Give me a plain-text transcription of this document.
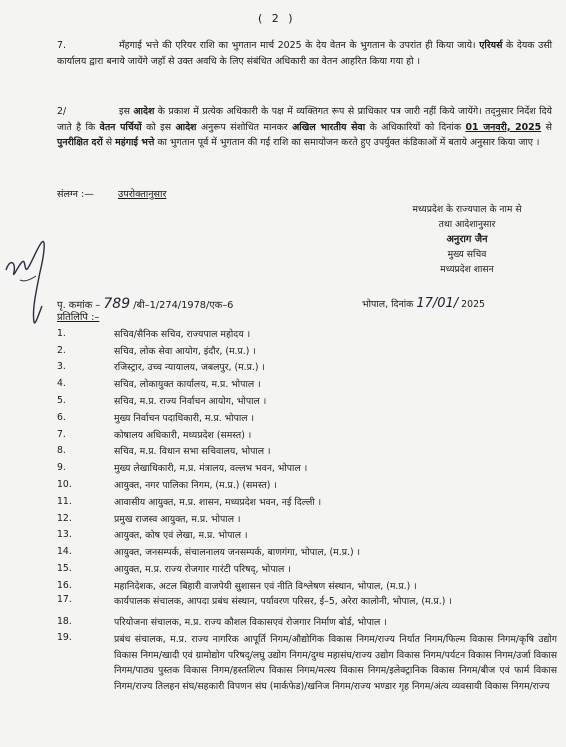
( 2 )
7.	मँहगाई भत्ते की एरियर राशि का भुगतान मार्च 2025 के देय वेतन के भुगतान के उपरांत ही किया जाये। एरियर्स के देयक उसी कार्यालय द्वारा बनाये जायेंगे जहाँ से उक्त अवधि के लिए संबंधित अधिकारी का वेतन आहरित किया गया हो ।
2/	इस आदेश के प्रकाश में प्रत्येक अधिकारी के पक्ष में व्यक्तिगत रूप से प्राधिकार पत्र जारी नहीं किये जायेंगे। तद्नुसार निर्देश दिये जाते है कि वेतन पर्चियों को इस आदेश अनुरूप संशोधित मानकर अखिल भारतीय सेवा के अधिकारियों को दिनांक 01 जनवरी, 2025 से पुनरीक्षित दरों से महंगाई भत्ते का भुगतान पूर्व में भुगतान की गई राशि का समायोजन करते हुए उपर्युक्त कंडिकाओं में बताये अनुसार किया जाए ।
संलग्न :—	उपरोक्तानुसार
मध्यप्रदेश के राज्यपाल के नाम से
तथा आदेशानुसार
अनुराग जैन
मुख्य सचिव
मध्यप्रदेश शासन
पृ. कमांक – 789 /बी–1/274/1978/एक–6	भोपाल, दिनांक 17/01/ 2025
प्रतिलिपि :–
1.	सचिव/सैनिक सचिव, राज्यपाल महोदय ।
2.	सचिव, लोक सेवा आयोग, इंदौर, (म.प्र.) ।
3.	रजिस्ट्रार, उच्च न्यायालय, जबलपुर, (म.प्र.) ।
4.	सचिव, लोकायुक्त कार्यालय, म.प्र. भोपाल ।
5.	सचिव, म.प्र. राज्य निर्वाचन आयोग, भोपाल ।
6.	मुख्य निर्वाचन पदाधिकारी, म.प्र. भोपाल ।
7.	कोषालय अधिकारी, मध्यप्रदेश (समस्त) ।
8.	सचिव, म.प्र. विधान सभा सचिवालय, भोपाल ।
9.	मुख्य लेखाधिकारी, म.प्र. मंत्रालय, वल्लभ भवन, भोपाल ।
10.	आयुक्त, नगर पालिका निगम, (म.प्र.) (समस्त) ।
11.	आवासीय आयुक्त, म.प्र. शासन, मध्यप्रदेश भवन, नई दिल्ली ।
12.	प्रमुख राजस्व आयुक्त, म.प्र. भोपाल ।
13.	आयुक्त, कोष एवं लेखा, म.प्र. भोपाल ।
14.	आयुक्त, जनसम्पर्क, संचालनालय जनसम्पर्क, बाणगंगा, भोपाल, (म.प्र.) ।
15.	आयुक्त, म.प्र. राज्य रोजगार गारंटी परिषद्, भोपाल ।
16.	महानिदेशक, अटल बिहारी वाजपेयी सुशासन एवं नीति विश्लेषण संस्थान, भोपाल, (म.प्र.) ।
17.	कार्यपालक संचालक, आपदा प्रबंध संस्थान, पर्यावरण परिसर, ई–5, अरेरा कालोनी, भोपाल, (म.प्र.) ।
18.	परियोजना संचालक, म.प्र. राज्य कौशल विकासएवं रोजगार निर्माण बोर्ड, भोपाल ।
19.	प्रबंध संचालक, म.प्र. राज्य नागरिक आपूर्ति निगम/औद्योगिक विकास निगम/राज्य निर्यात निगम/फिल्म विकास निगम/कृषि उद्योग विकास निगम/खादी एवं ग्रामोद्योग परिषद्/लघु उद्योग निगम/दुग्ध महासंघ/राज्य उद्योग विकास निगम/पर्यटन विकास निगम/उर्जा विकास निगम/पाठ्य पुस्तक विकास निगम/हस्तशिल्प विकास निगम/मत्स्य विकास निगम/इलेक्ट्रानिक विकास निगम/बीज एवं फार्म विकास निगम/राज्य तिलहन संघ/सहकारी विपणन संघ (मार्कफेड)/खनिज निगम/राज्य भण्डार गृह निगम/अंत्य व्यवसायी विकास निगम/राज्य
